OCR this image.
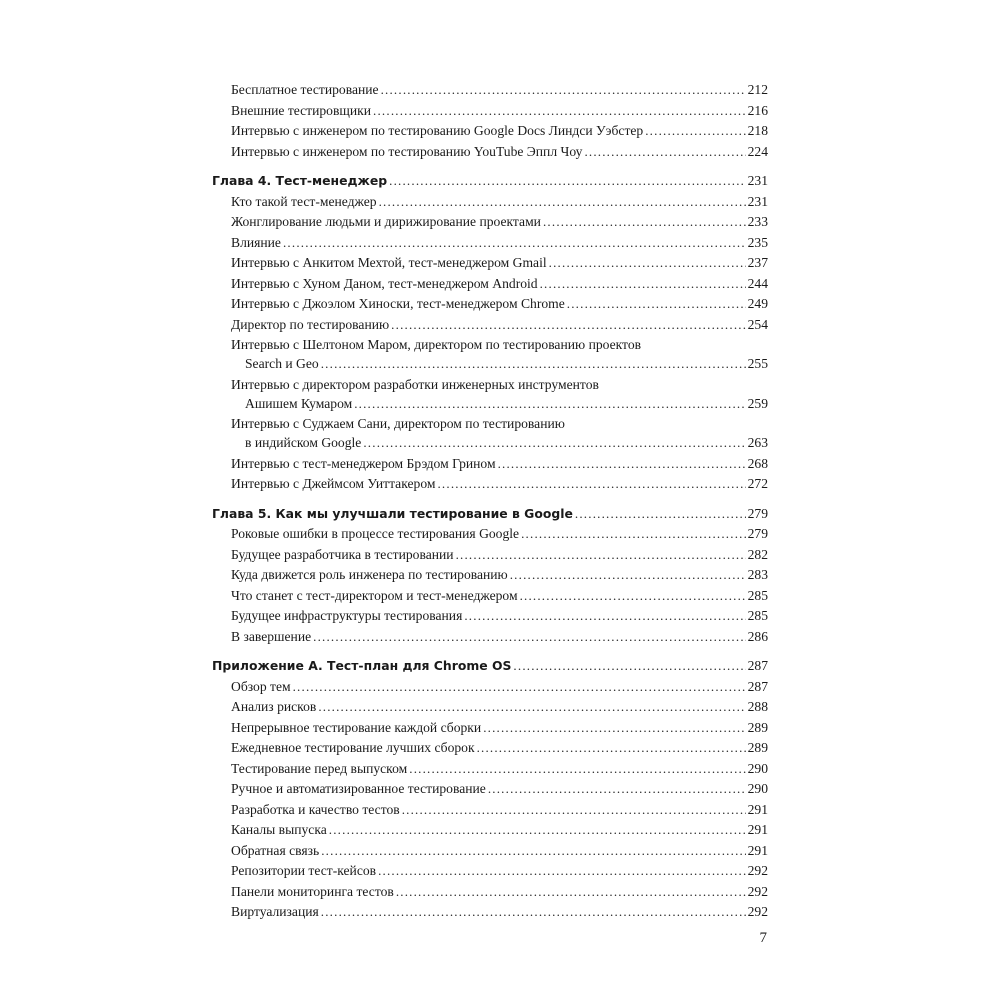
Бесплатное тестирование .....	212
Внешние тестировщики .....	216
Интервью с инженером по тестированию Google Docs Линдси Уэбстер .....	218
Интервью с инженером по тестированию YouTube Эппл Чоу .....	224
Глава 4. Тест-менеджер .....	231
Кто такой тест-менеджер .....	231
Жонглирование людьми и дирижирование проектами .....	233
Влияние .....	235
Интервью с Анкитом Мехтой, тест-менеджером Gmail .....	237
Интервью с Хуном Даном, тест-менеджером Android .....	244
Интервью с Джоэлом Хиноски, тест-менеджером Chrome .....	249
Директор по тестированию .....	254
Интервью с Шелтоном Маром, директором по тестированию проектов
Search и Geo .....	255
Интервью с директором разработки инженерных инструментов
Ашишем Кумаром .....	259
Интервью с Суджаем Сани, директором по тестированию
в индийском Google .....	263
Интервью с тест-менеджером Брэдом Грином .....	268
Интервью с Джеймсом Уиттакером .....	272
Глава 5. Как мы улучшали тестирование в Google .....	279
Роковые ошибки в процессе тестирования Google .....	279
Будущее разработчика в тестировании .....	282
Куда движется роль инженера по тестированию .....	283
Что станет с тест-директором и тест-менеджером .....	285
Будущее инфраструктуры тестирования .....	285
В завершение .....	286
Приложение A. Тест-план для Chrome OS .....	287
Обзор тем .....	287
Анализ рисков .....	288
Непрерывное тестирование каждой сборки .....	289
Ежедневное тестирование лучших сборок .....	289
Тестирование перед выпуском .....	290
Ручное и автоматизированное тестирование .....	290
Разработка и качество тестов .....	291
Каналы выпуска .....	291
Обратная связь .....	291
Репозитории тест-кейсов .....	292
Панели мониторинга тестов .....	292
Виртуализация .....	292
7
